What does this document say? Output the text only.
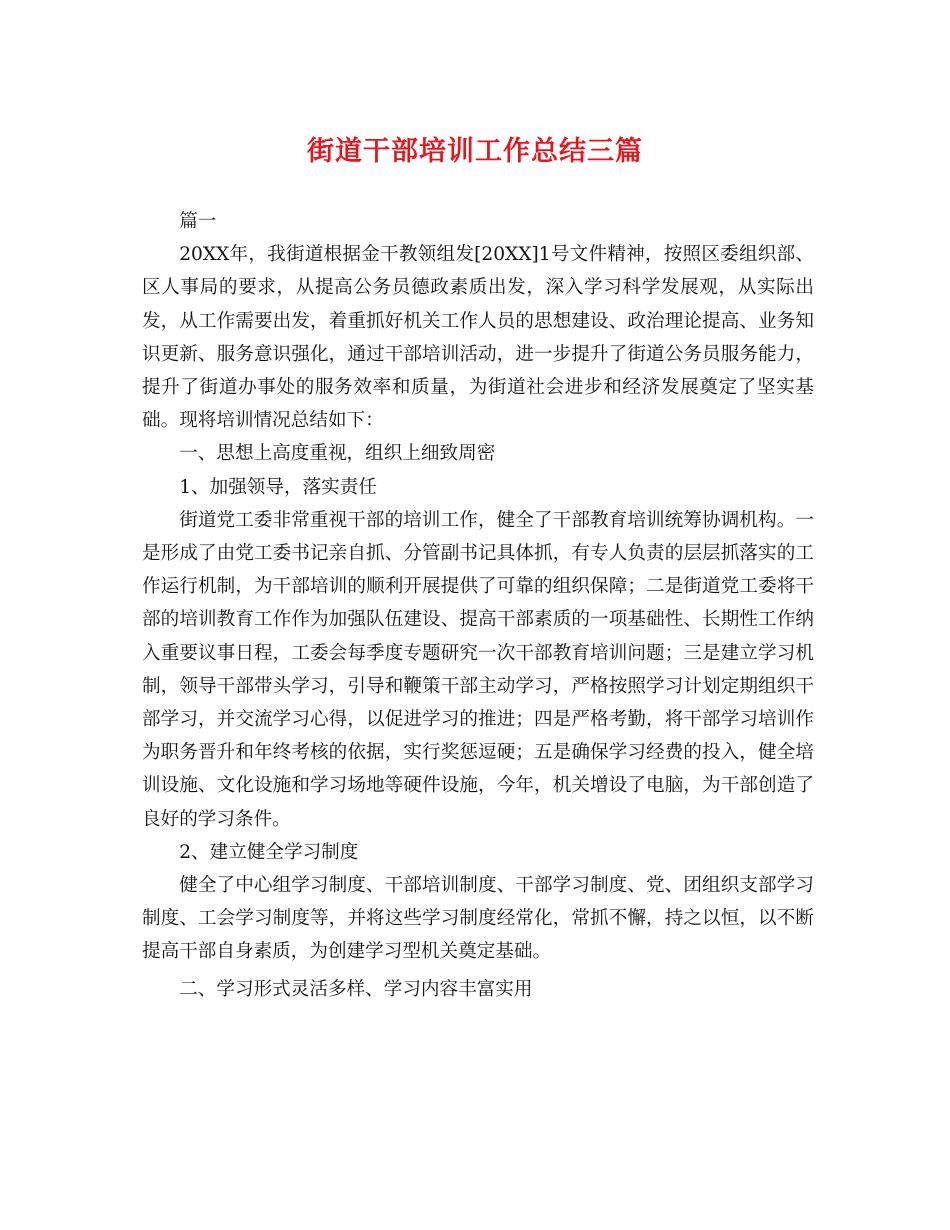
街道干部培训工作总结三篇

篇一

20XX年，我街道根据金干教领组发[20XX]1号文件精神，按照区委组织部、区人事局的要求，从提高公务员德政素质出发，深入学习科学发展观，从实际出发，从工作需要出发，着重抓好机关工作人员的思想建设、政治理论提高、业务知识更新、服务意识强化，通过干部培训活动，进一步提升了街道公务员服务能力，提升了街道办事处的服务效率和质量，为街道社会进步和经济发展奠定了坚实基础。现将培训情况总结如下：

一、思想上高度重视，组织上细致周密

1、加强领导，落实责任

街道党工委非常重视干部的培训工作，健全了干部教育培训统筹协调机构。一是形成了由党工委书记亲自抓、分管副书记具体抓，有专人负责的层层抓落实的工作运行机制，为干部培训的顺利开展提供了可靠的组织保障；二是街道党工委将干部的培训教育工作作为加强队伍建设、提高干部素质的一项基础性、长期性工作纳入重要议事日程，工委会每季度专题研究一次干部教育培训问题；三是建立学习机制，领导干部带头学习，引导和鞭策干部主动学习，严格按照学习计划定期组织干部学习，并交流学习心得，以促进学习的推进；四是严格考勤，将干部学习培训作为职务晋升和年终考核的依据，实行奖惩逗硬；五是确保学习经费的投入，健全培训设施、文化设施和学习场地等硬件设施，今年，机关增设了电脑，为干部创造了良好的学习条件。

2、建立健全学习制度

健全了中心组学习制度、干部培训制度、干部学习制度、党、团组织支部学习制度、工会学习制度等，并将这些学习制度经常化，常抓不懈，持之以恒，以不断提高干部自身素质，为创建学习型机关奠定基础。

二、学习形式灵活多样、学习内容丰富实用
